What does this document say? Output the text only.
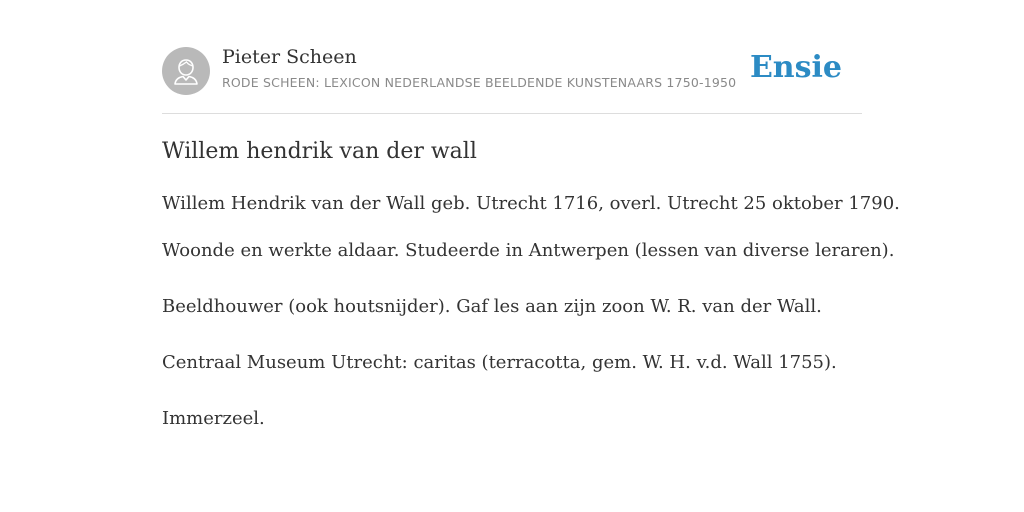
Pieter Scheen
RODE SCHEEN: LEXICON NEDERLANDSE BEELDENDE KUNSTENAARS 1750-1950 Ensie
Willem hendrik van der wall

Willem Hendrik van der Wall geb. Utrecht 1716, overl. Utrecht 25 oktober 1790.

Woonde en werkte aldaar. Studeerde in Antwerpen (lessen van diverse leraren).

Beeldhouwer (ook houtsnijder). Gaf les aan zijn zoon W. R. van der Wall.

Centraal Museum Utrecht: caritas (terracotta, gem. W. H. v.d. Wall 1755).

Immerzeel.
